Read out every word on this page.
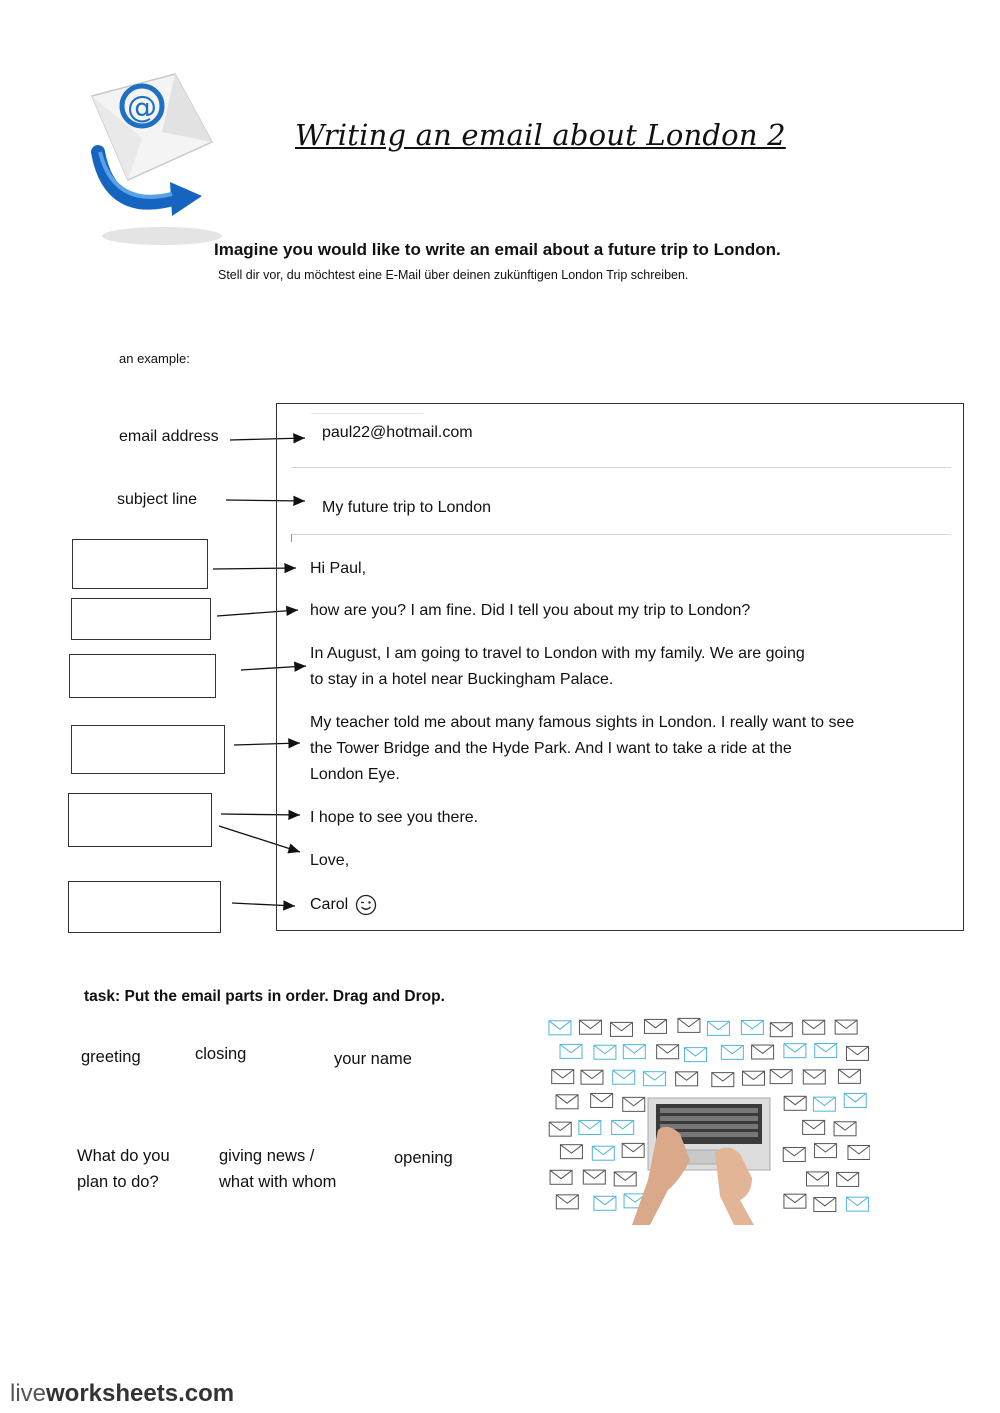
@
Writing an email about London 2
Imagine you would like to write an email about a future trip to London.
Stell dir vor, du möchtest eine E-Mail über deinen zukünftigen London Trip schreiben.
an example:
email address
subject line
paul22@hotmail.com
My future trip to London
Hi Paul,
how are you? I am fine. Did I tell you about my trip to London?
In August, I am going to travel to London with my family. We are going
to stay in a hotel near Buckingham Palace.
My teacher told me about many famous sights in London. I really want to see
the Tower Bridge and the Hyde Park. And I want to take a ride at the
London Eye.
I hope to see you there.
Love,
Carol
task: Put the email parts in order. Drag and Drop.
greeting	closing	your name
What do you
plan to do?
giving news /
what with whom
opening
liveworksheets.com
